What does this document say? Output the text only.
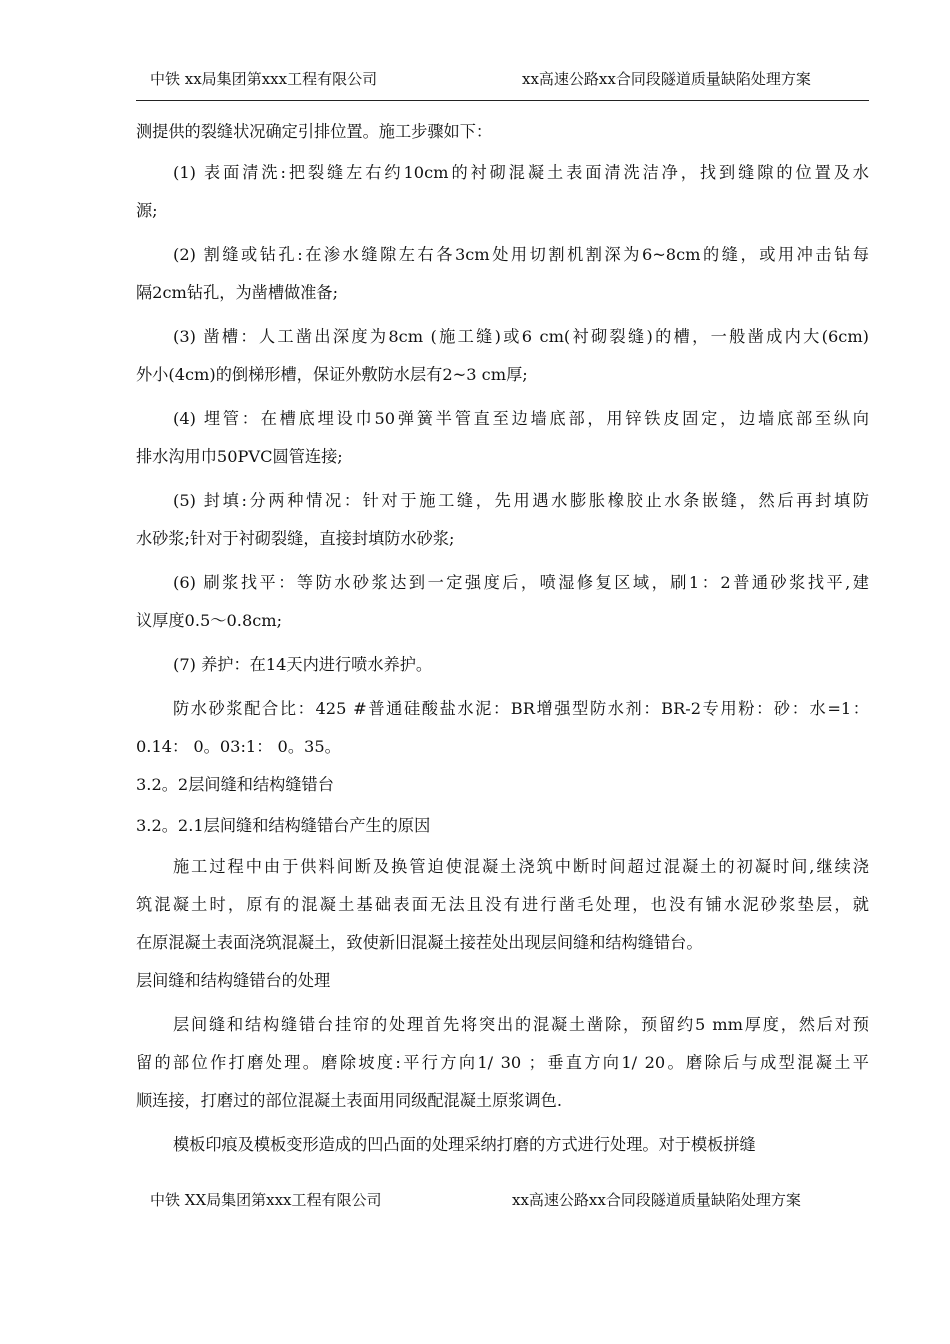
中铁 xx局集团第xxx工程有限公司	xx高速公路xx合同段隧道质量缺陷处理方案
测提供的裂缝状况确定引排位置。施工步骤如下：
(1) 表面清洗:把裂缝左右约10cm的衬砌混凝土表面清洗洁净，找到缝隙的位置及水
源;
(2) 割缝或钻孔:在渗水缝隙左右各3cm处用切割机割深为6~8cm的缝，或用冲击钻每
隔2cm钻孔，为凿槽做准备;
(3) 凿槽：人工凿出深度为8cm (施工缝)或6 cm(衬砌裂缝)的槽，一般凿成内大(6cm)
外小(4cm)的倒梯形槽，保证外敷防水层有2~3 cm厚;
(4) 埋管：在槽底埋设巾50弹簧半管直至边墙底部，用锌铁皮固定，边墙底部至纵向
排水沟用巾50PVC圆管连接;
(5) 封填:分两种情况：针对于施工缝，先用遇水膨胀橡胶止水条嵌缝，然后再封填防
水砂浆;针对于衬砌裂缝，直接封填防水砂浆;
(6) 刷浆找平：等防水砂浆达到一定强度后，喷湿修复区域，刷1：2普通砂浆找平,建
议厚度0.5〜0.8cm;
(7) 养护：在14天内进行喷水养护。
防水砂浆配合比：425 #普通硅酸盐水泥：BR增强型防水剂：BR-2专用粉：砂：水=1：
0.14： 0。03:1： 0。35。
3.2。2层间缝和结构缝错台
3.2。2.1层间缝和结构缝错台产生的原因
施工过程中由于供料间断及换管迫使混凝土浇筑中断时间超过混凝土的初凝时间,继续浇
筑混凝土时，原有的混凝土基础表面无法且没有进行凿毛处理，也没有铺水泥砂浆垫层，就
在原混凝土表面浇筑混凝土，致使新旧混凝土接茬处出现层间缝和结构缝错台。
层间缝和结构缝错台的处理
层间缝和结构缝错台挂帘的处理首先将突出的混凝土凿除，预留约5 mm厚度，然后对预
留的部位作打磨处理。磨除坡度:平行方向1/ 30 ；垂直方向1/ 20。磨除后与成型混凝土平
顺连接，打磨过的部位混凝土表面用同级配混凝土原浆调色.
模板印痕及模板变形造成的凹凸面的处理采纳打磨的方式进行处理。对于模板拼缝
中铁 XX局集团第xxx工程有限公司	xx高速公路xx合同段隧道质量缺陷处理方案
